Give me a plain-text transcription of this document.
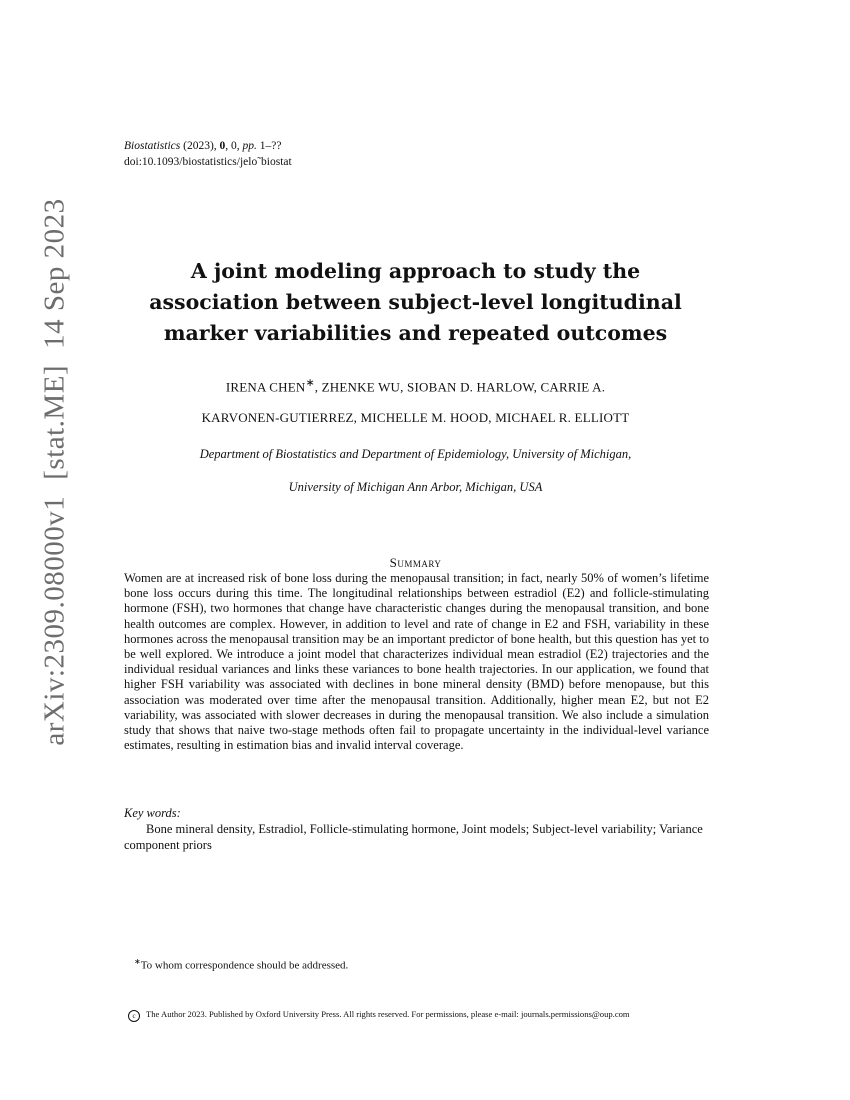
arXiv:2309.08000v1[stat.ME]14 Sep 2023
Biostatistics (2023), 0, 0, pp. 1–??
doi:10.1093/biostatistics/jelo˜biostat
A joint modeling approach to study the
association between subject-level longitudinal
marker variabilities and repeated outcomes
IRENA CHEN∗, ZHENKE WU, SIOBAN D. HARLOW, CARRIE A.
KARVONEN-GUTIERREZ, MICHELLE M. HOOD, MICHAEL R. ELLIOTT
Department of Biostatistics and Department of Epidemiology, University of Michigan,
University of Michigan Ann Arbor, Michigan, USA
Summary

Women are at increased risk of bone loss during the menopausal transition; in fact, nearly 50% of women’s lifetime bone loss occurs during this time. The longitudinal relationships between estradiol (E2) and follicle-stimulating hormone (FSH), two hormones that change have characteristic changes during the menopausal transition, and bone health outcomes are complex. However, in addition to level and rate of change in E2 and FSH, variability in these hormones across the menopausal transition may be an important predictor of bone health, but this question has yet to be well explored. We introduce a joint model that characterizes individual mean estradiol (E2) trajectories and the individual residual variances and links these variances to bone health trajectories. In our application, we found that higher FSH variability was associated with declines in bone mineral density (BMD) before menopause, but this association was moderated over time after the menopausal transition. Additionally, higher mean E2, but not E2 variability, was associated with slower decreases in during the menopausal transition. We also include a simulation study that shows that naive two-stage methods often fail to propagate uncertainty in the individual-level variance estimates, resulting in estimation bias and invalid interval coverage.

Key words:

Bone mineral density, Estradiol, Follicle-stimulating hormone, Joint models; Subject-level variability; Variance component priors

∗To whom correspondence should be addressed.
c The Author 2023. Published by Oxford University Press. All rights reserved. For permissions, please e-mail: journals.permissions@oup.com
